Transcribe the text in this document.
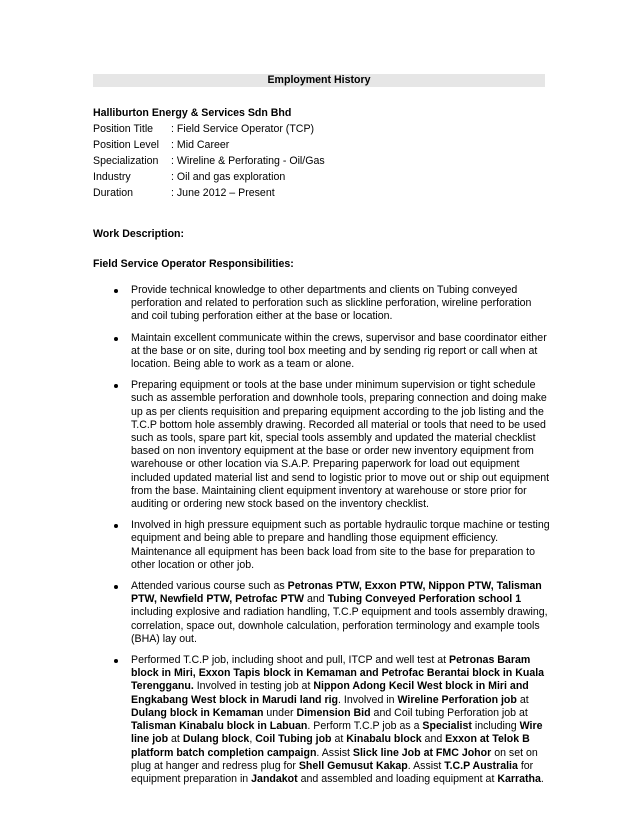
Employment History
Halliburton Energy & Services Sdn Bhd
Position Title	: Field Service Operator (TCP)
Position Level	: Mid Career
Specialization	: Wireline & Perforating - Oil/Gas
Industry	: Oil and gas exploration
Duration	: June 2012 – Present
Work Description:
Field Service Operator Responsibilities:
Provide technical knowledge to other departments and clients on Tubing conveyed perforation and related to perforation such as slickline perforation, wireline perforation and coil tubing perforation either at the base or location.
Maintain excellent communicate within the crews, supervisor and base coordinator either at the base or on site, during tool box meeting and by sending rig report or call when at location. Being able to work as a team or alone.
Preparing equipment or tools at the base under minimum supervision or tight schedule such as assemble perforation and downhole tools, preparing connection and doing make up as per clients requisition and preparing equipment according to the job listing and the T.C.P bottom hole assembly drawing. Recorded all material or tools that need to be used such as tools, spare part kit, special tools assembly and updated the material checklist based on non inventory equipment at the base or order new inventory equipment from warehouse or other location via S.A.P. Preparing paperwork for load out equipment included updated material list and send to logistic prior to move out or ship out equipment from the base. Maintaining client equipment inventory at warehouse or store prior for auditing or ordering new stock based on the inventory checklist.
Involved in high pressure equipment such as portable hydraulic torque machine or testing equipment and being able to prepare and handling those equipment efficiency. Maintenance all equipment has been back load from site to the base for preparation to other location or other job.
Attended various course such as Petronas PTW, Exxon PTW, Nippon PTW, Talisman PTW, Newfield PTW, Petrofac PTW and Tubing Conveyed Perforation school 1 including explosive and radiation handling, T.C.P equipment and tools assembly drawing, correlation, space out, downhole calculation, perforation terminology and example tools (BHA) lay out.
Performed T.C.P job, including shoot and pull, ITCP and well test at Petronas Baram block in Miri, Exxon Tapis block in Kemaman and Petrofac Berantai block in Kuala Terengganu. Involved in testing job at Nippon Adong Kecil West block in Miri and Engkabang West block in Marudi land rig. Involved in Wireline Perforation job at Dulang block in Kemaman under Dimension Bid and Coil tubing Perforation job at Talisman Kinabalu block in Labuan. Perform T.C.P job as a Specialist including Wire line job at Dulang block, Coil Tubing job at Kinabalu block and Exxon at Telok B platform batch completion campaign. Assist Slick line Job at FMC Johor on set on plug at hanger and redress plug for Shell Gemusut Kakap. Assist T.C.P Australia for equipment preparation in Jandakot and assembled and loading equipment at Karratha.
